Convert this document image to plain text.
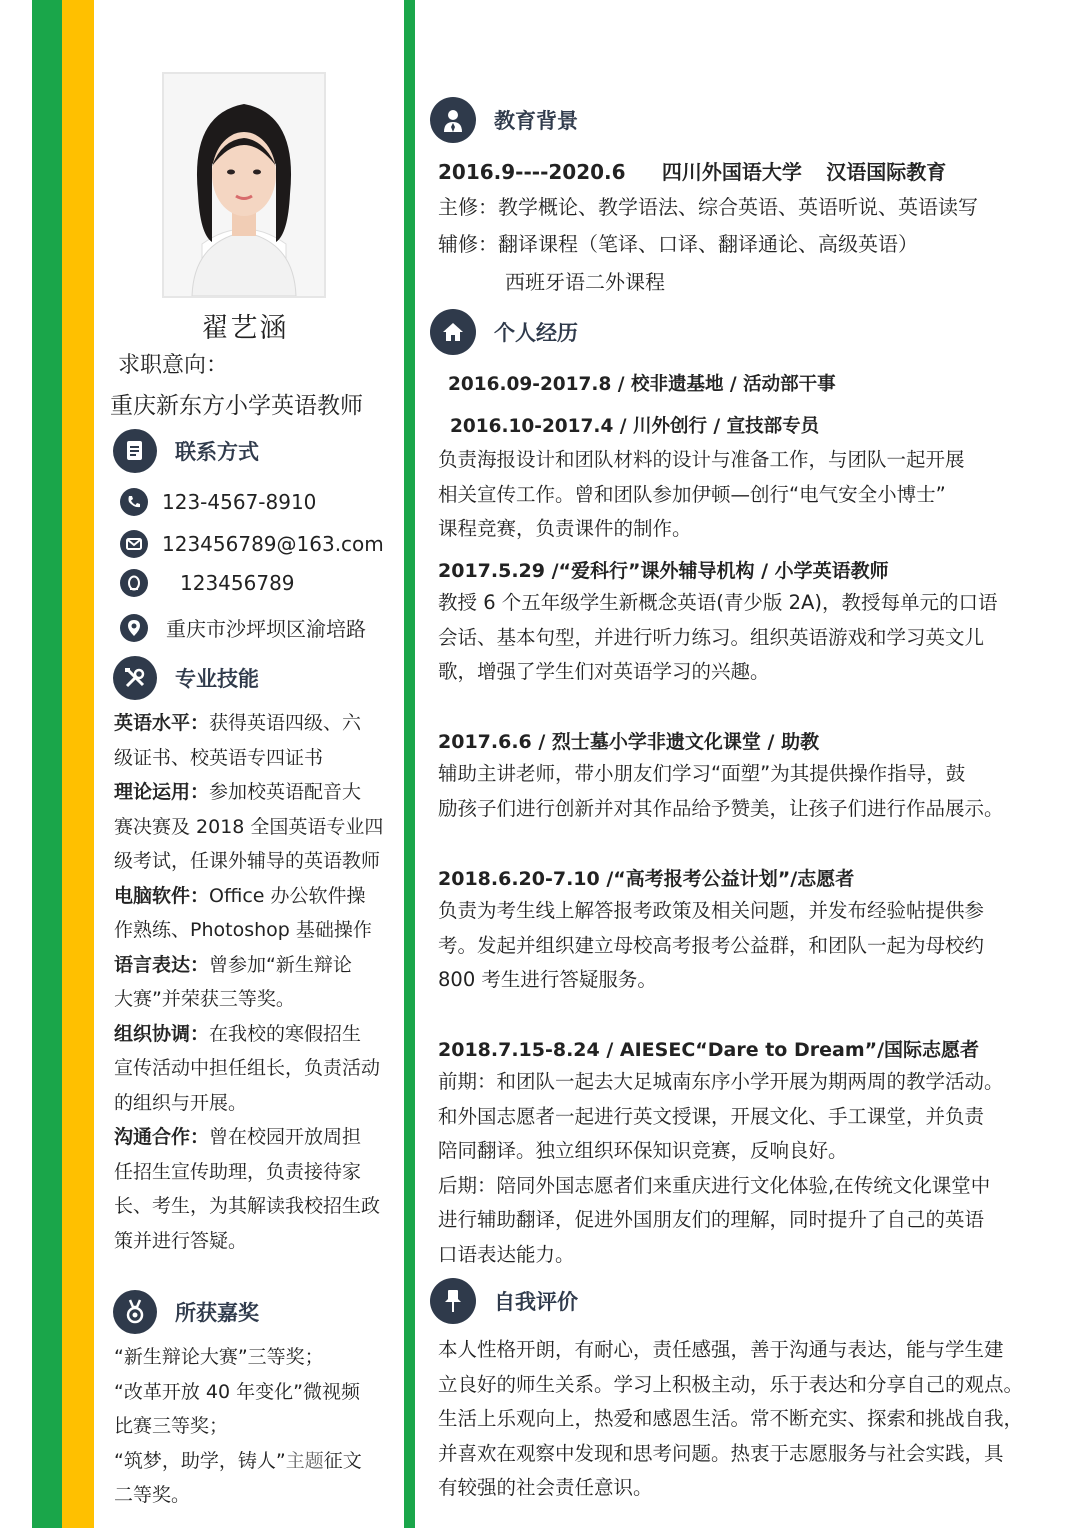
翟艺涵
求职意向：
重庆新东方小学英语教师
联系方式
123-4567-8910
123456789@163.com
123456789
重庆市沙坪坝区渝培路
专业技能

英语水平：获得英语四级、六

级证书、校英语专四证书

理论运用：参加校英语配音大

赛决赛及 2018 全国英语专业四

级考试，任课外辅导的英语教师

电脑软件：Office 办公软件操

作熟练、Photoshop 基础操作

语言表达：曾参加“新生辩论

大赛”并荣获三等奖。

组织协调：在我校的寒假招生

宣传活动中担任组长，负责活动

的组织与开展。

沟通合作：曾在校园开放周担

任招生宣传助理，负责接待家

长、考生，为其解读我校招生政

策并进行答疑。

所获嘉奖

“新生辩论大赛”三等奖；

“改革开放 40 年变化”微视频

比赛三等奖；

“筑梦，助学，铸人”主题征文

二等奖。

教育背景
2016.9----2020.6 四川外国语大学 汉语国际教育
主修：教学概论、教学语法、综合英语、英语听说、英语读写
辅修：翻译课程（笔译、口译、翻译通论、高级英语）
西班牙语二外课程
个人经历
2016.09-2017.8 / 校非遗基地 / 活动部干事
2016.10-2017.4 / 川外创行 / 宣技部专员

负责海报设计和团队材料的设计与准备工作，与团队一起开展

相关宣传工作。曾和团队参加伊顿—创行“电气安全小博士”

课程竞赛，负责课件的制作。

2017.5.29 /“爱科行”课外辅导机构 / 小学英语教师

教授 6 个五年级学生新概念英语(青少版 2A)，教授每单元的口语

会话、基本句型，并进行听力练习。组织英语游戏和学习英文儿

歌，增强了学生们对英语学习的兴趣。

2017.6.6 / 烈士墓小学非遗文化课堂 / 助教

辅助主讲老师，带小朋友们学习“面塑”为其提供操作指导，鼓

励孩子们进行创新并对其作品给予赞美，让孩子们进行作品展示。

2018.6.20-7.10 /“高考报考公益计划”/志愿者

负责为考生线上解答报考政策及相关问题，并发布经验帖提供参

考。发起并组织建立母校高考报考公益群，和团队一起为母校约

800 考生进行答疑服务。

2018.7.15-8.24 / AIESEC“Dare to Dream”/国际志愿者

前期：和团队一起去大足城南东序小学开展为期两周的教学活动。

和外国志愿者一起进行英文授课，开展文化、手工课堂，并负责

陪同翻译。独立组织环保知识竞赛，反响良好。

后期：陪同外国志愿者们来重庆进行文化体验,在传统文化课堂中

进行辅助翻译，促进外国朋友们的理解，同时提升了自己的英语

口语表达能力。

自我评价

本人性格开朗，有耐心，责任感强，善于沟通与表达，能与学生建

立良好的师生关系。学习上积极主动，乐于表达和分享自己的观点。

生活上乐观向上，热爱和感恩生活。常不断充实、探索和挑战自我，

并喜欢在观察中发现和思考问题。热衷于志愿服务与社会实践，具

有较强的社会责任意识。
